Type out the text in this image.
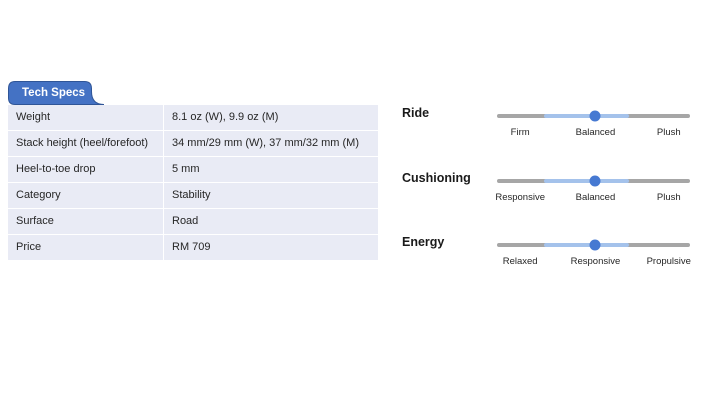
Tech Specs
Weight	8.1 oz (W), 9.9 oz (M)
Stack height (heel/forefoot)	34 mm/29 mm (W), 37 mm/32 mm (M)
Heel-to-toe drop	5 mm
Category	Stability
Surface	Road
Price	RM 709
Ride
Firm	Balanced	Plush
Cushioning
Responsive	Balanced	Plush
Energy
Relaxed	Responsive	Propulsive
